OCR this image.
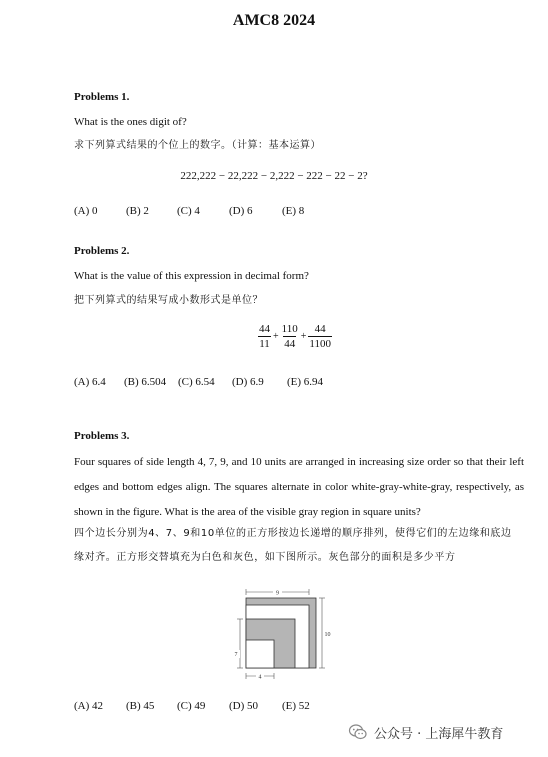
AMC8 2024
Problems 1.
What is the ones digit of?
求下列算式结果的个位上的数字。（计算：基本运算）
222,222 − 22,222 − 2,222 − 222 − 22 − 2?
(A) 0	(B) 2	(C) 4	(D) 6	(E) 8
Problems 2.
What is the value of this expression in decimal form?
把下列算式的结果写成小数形式是单位？
$\frac{44}{11} + \frac{110}{44} + \frac{44}{1100}$
(A) 6.4 (B) 6.504 (C) 6.54 (D) 6.9 (E) 6.94
Problems 3.
Four squares of side length 4, 7, 9, and 10 units are arranged in increasing size order so that their left edges and bottom edges align. The squares alternate in color white-gray-white-gray, respectively, as shown in the figure. What is the area of the visible gray region in square units?
四个边长分别为4、7、9和10单位的正方形按边长递增的顺序排列，使得它们的左边缘和底边缘对齐。正方形交替填充为白色和灰色，如下图所示。灰色部分的面积是多少平方
9
10
7
4
(A) 42 (B) 45 (C) 49 (D) 50 (E) 52
公众号 · 上海犀牛教育
